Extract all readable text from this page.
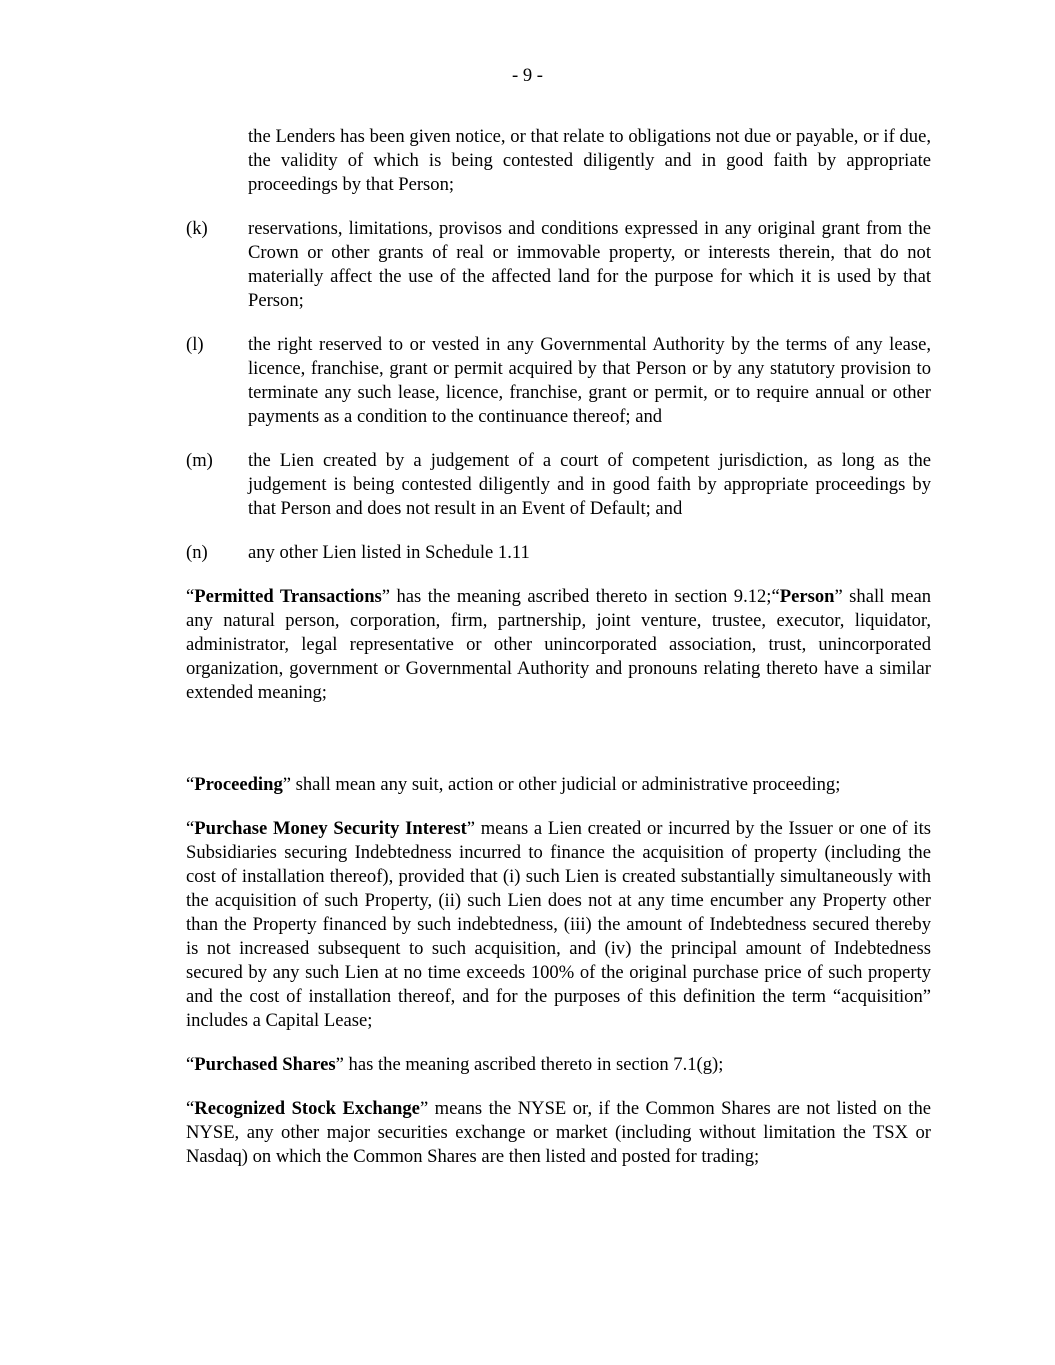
- 9 -

the Lenders has been given notice, or that relate to obligations not due or payable, or if due, the validity of which is being contested diligently and in good faith by appropriate proceedings by that Person;

(k)	reservations, limitations, provisos and conditions expressed in any original grant from the Crown or other grants of real or immovable property, or interests therein, that do not materially affect the use of the affected land for the purpose for which it is used by that Person;
(l)	the right reserved to or vested in any Governmental Authority by the terms of any lease, licence, franchise, grant or permit acquired by that Person or by any statutory provision to terminate any such lease, licence, franchise, grant or permit, or to require annual or other payments as a condition to the continuance thereof; and
(m)	the Lien created by a judgement of a court of competent jurisdiction, as long as the judgement is being contested diligently and in good faith by appropriate proceedings by that Person and does not result in an Event of Default; and
(n)	any other Lien listed in Schedule 1.11

“Permitted Transactions” has the meaning ascribed thereto in section 9.12;“Person” shall mean any natural person, corporation, firm, partnership, joint venture, trustee, executor, liquidator, administrator, legal representative or other unincorporated association, trust, unincorporated organization, government or Governmental Authority and pronouns relating thereto have a similar extended meaning;

“Proceeding” shall mean any suit, action or other judicial or administrative proceeding;

“Purchase Money Security Interest” means a Lien created or incurred by the Issuer or one of its Subsidiaries securing Indebtedness incurred to finance the acquisition of property (including the cost of installation thereof), provided that (i) such Lien is created substantially simultaneously with the acquisition of such Property, (ii) such Lien does not at any time encumber any Property other than the Property financed by such indebtedness, (iii) the amount of Indebtedness secured thereby is not increased subsequent to such acquisition, and (iv) the principal amount of Indebtedness secured by any such Lien at no time exceeds 100% of the original purchase price of such property and the cost of installation thereof, and for the purposes of this definition the term “acquisition” includes a Capital Lease;

“Purchased Shares” has the meaning ascribed thereto in section 7.1(g);

“Recognized Stock Exchange” means the NYSE or, if the Common Shares are not listed on the NYSE, any other major securities exchange or market (including without limitation the TSX or Nasdaq) on which the Common Shares are then listed and posted for trading;
